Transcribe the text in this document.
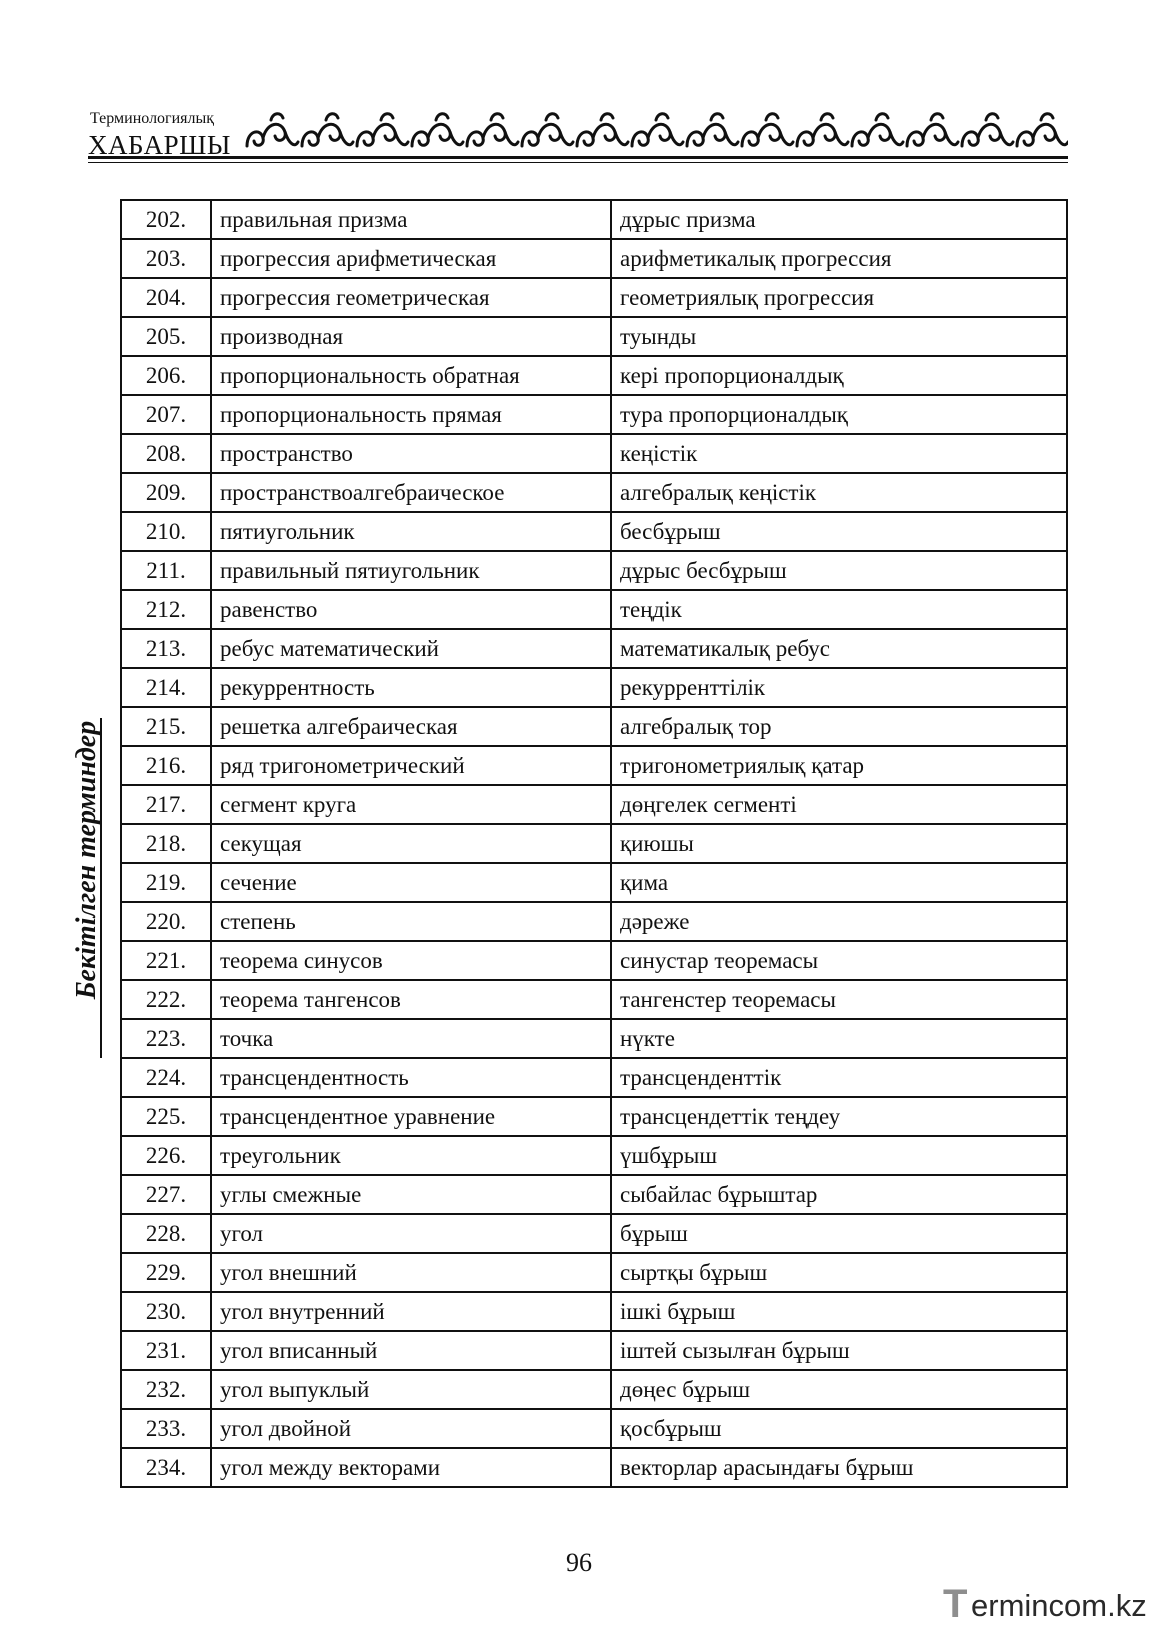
Терминологиялық
ХАБАРШЫ
Бекітілген терминдер
202.	правильная призма	дұрыс призма
203.	прогрессия арифметическая	арифметикалық прогрессия
204.	прогрессия геометрическая	геометриялық прогрессия
205.	производная	туынды
206.	пропорциональность обратная	кері пропорционалдық
207.	пропорциональность прямая	тура пропорционалдық
208.	пространство	кеңістік
209.	пространствоалгебраическое	алгебралық кеңістік
210.	пятиугольник	бесбұрыш
211.	правильный пятиугольник	дұрыс бесбұрыш
212.	равенство	теңдік
213.	ребус математический	математикалық ребус
214.	рекуррентность	рекурренттілік
215.	решетка алгебраическая	алгебралық тор
216.	ряд тригонометрический	тригонометриялық қатар
217.	сегмент круга	дөңгелек сегменті
218.	секущая	қиюшы
219.	сечение	қима
220.	степень	дәреже
221.	теорема синусов	синустар теоремасы
222.	теорема тангенсов	тангенстер теоремасы
223.	точка	нүкте
224.	трансцендентность	трансценденттік
225.	трансцендентное уравнение	трансцендеттік теңдеу
226.	треугольник	үшбұрыш
227.	углы смежные	сыбайлас бұрыштар
228.	угол	бұрыш
229.	угол внешний	сыртқы бұрыш
230.	угол внутренний	ішкі бұрыш
231.	угол вписанный	іштей сызылған бұрыш
232.	угол выпуклый	дөңес бұрыш
233.	угол двойной	қосбұрыш
234.	угол между векторами	векторлар арасындағы бұрыш
96
T ermincom.kz
